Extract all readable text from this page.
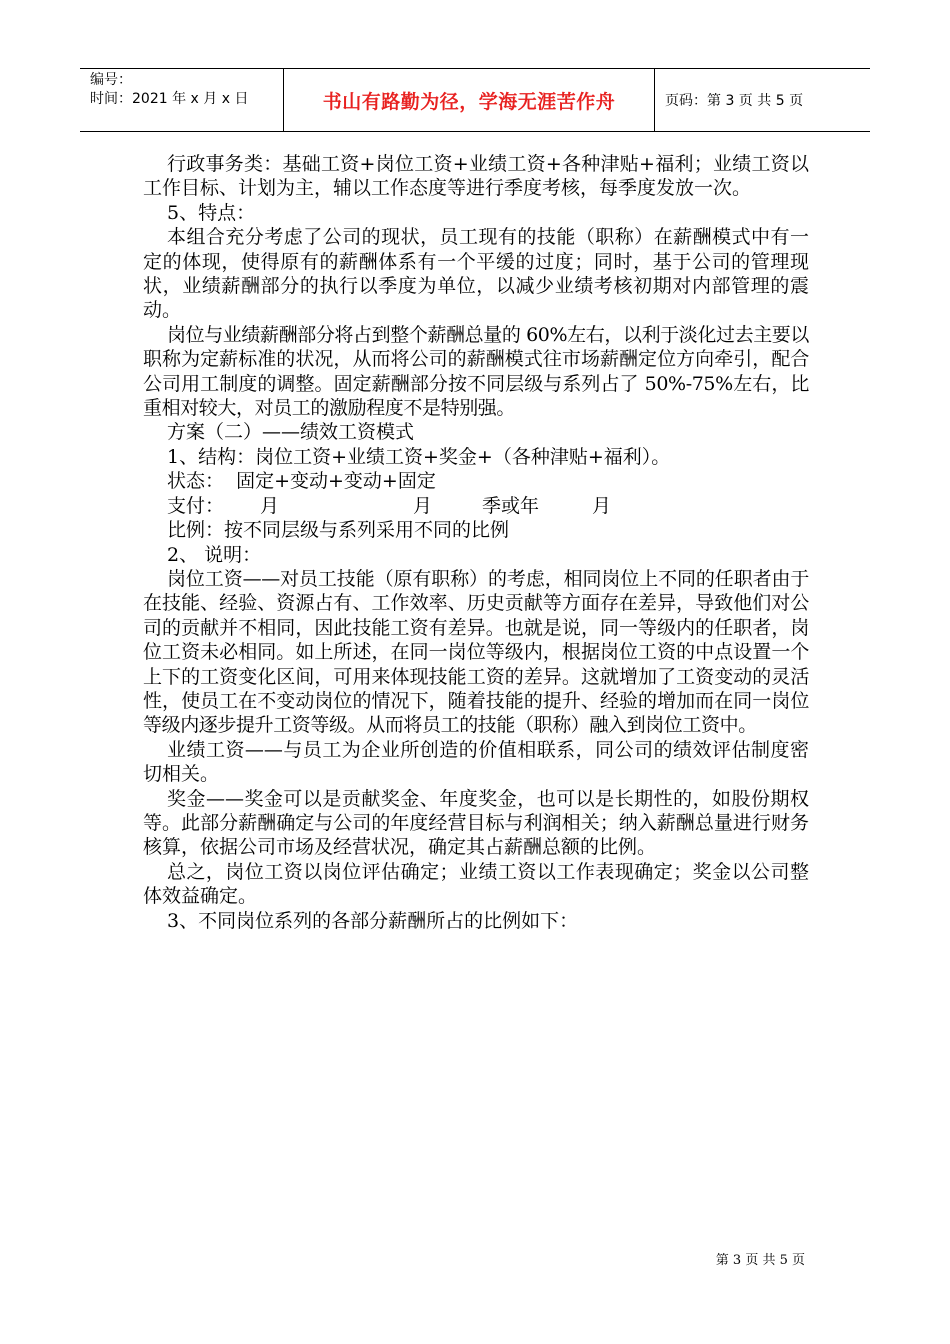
编号：
时间：2021 年 x 月 x 日	书山有路勤为径，学海无涯苦作舟	页码：第 3 页 共 5 页

行政事务类：基础工资+岗位工资+业绩工资+各种津贴+福利；业绩工资以工作目标、计划为主，辅以工作态度等进行季度考核，每季度发放一次。

5、特点：

本组合充分考虑了公司的现状，员工现有的技能（职称）在薪酬模式中有一定的体现，使得原有的薪酬体系有一个平缓的过度；同时，基于公司的管理现状，业绩薪酬部分的执行以季度为单位，以减少业绩考核初期对内部管理的震动。

岗位与业绩薪酬部分将占到整个薪酬总量的 60%左右，以利于淡化过去主要以职称为定薪标准的状况，从而将公司的薪酬模式往市场薪酬定位方向牵引，配合公司用工制度的调整。固定薪酬部分按不同层级与系列占了 50%-75%左右，比重相对较大，对员工的激励程度不是特别强。

方案（二）——绩效工资模式

1、结构：岗位工资+业绩工资+奖金+（各种津贴+福利）。

状态：  固定+变动+变动+固定

支付：	月	月	季或年	月

比例：按不同层级与系列采用不同的比例

2、 说明：

岗位工资——对员工技能（原有职称）的考虑，相同岗位上不同的任职者由于在技能、经验、资源占有、工作效率、历史贡献等方面存在差异，导致他们对公司的贡献并不相同，因此技能工资有差异。也就是说，同一等级内的任职者，岗位工资未必相同。如上所述，在同一岗位等级内，根据岗位工资的中点设置一个上下的工资变化区间，可用来体现技能工资的差异。这就增加了工资变动的灵活性，使员工在不变动岗位的情况下，随着技能的提升、经验的增加而在同一岗位等级内逐步提升工资等级。从而将员工的技能（职称）融入到岗位工资中。

业绩工资——与员工为企业所创造的价值相联系，同公司的绩效评估制度密切相关。

奖金——奖金可以是贡献奖金、年度奖金，也可以是长期性的，如股份期权等。此部分薪酬确定与公司的年度经营目标与利润相关；纳入薪酬总量进行财务核算，依据公司市场及经营状况，确定其占薪酬总额的比例。

总之，岗位工资以岗位评估确定；业绩工资以工作表现确定；奖金以公司整体效益确定。

3、不同岗位系列的各部分薪酬所占的比例如下：

第 3 页 共 5 页
